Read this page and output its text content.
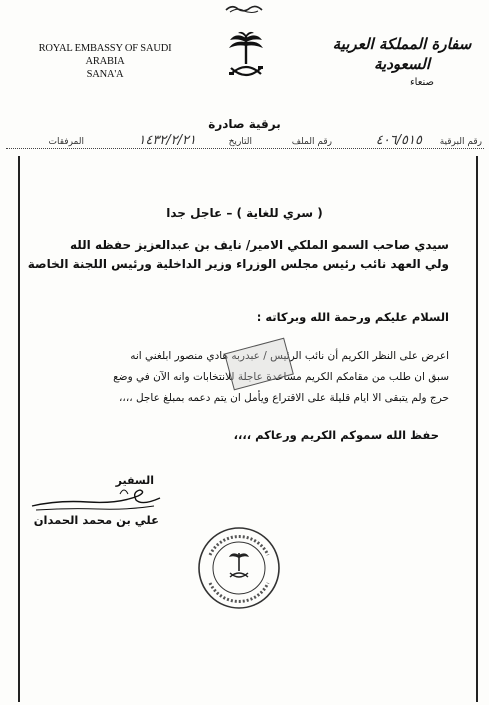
ROYAL EMBASSY OF SAUDI ARABIA
SANA'A
سفارة المملكة العربية السعودية
صنعاء
برقية صادرة
رقم البرقية
٤٠٦/٥١٥
رقم الملف
التاريخ
١٤٣٢/٢/٢١
المرفقات
( سري للغاية ) – عاجل جدا
سيدي صاحب السمو الملكي الامير/ نايف بن عبدالعزيز حفظه الله
ولي العهد نائب رئيس مجلس الوزراء وزير الداخلية ورئيس اللجنة الخاصة
السلام عليكم ورحمة الله وبركاته :
اعرض على النظر الكريم أن نائب الرئيس / عبدربه هادي منصور ابلغني انه
سبق ان طلب من مقامكم الكريم مساعدة عاجلة للانتخابات وانه الآن في وضع
حرج ولم يتبقى الا ايام قليلة على الاقتراع ويأمل ان يتم دعمه بمبلغ عاجل ،،،،
حفظ الله سموكم الكريم ورعاكم ،،،،
السفير
علي بن محمد الحمدان
